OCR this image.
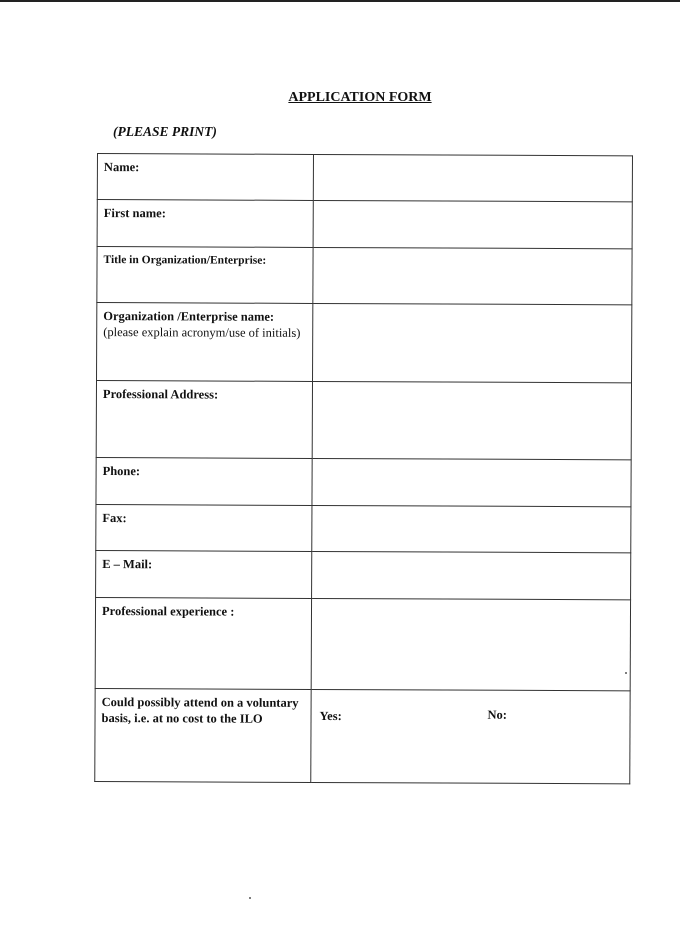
APPLICATION FORM
(PLEASE PRINT)
Name:	
First name:	
Title in Organization/Enterprise:	
Organization /Enterprise name:
(please explain acronym/use of initials)	
Professional Address:	
Phone:	
Fax:	
E – Mail:	
Professional experience :	
Could possibly attend on a voluntary basis, i.e. at no cost to the ILO	Yes: No:
